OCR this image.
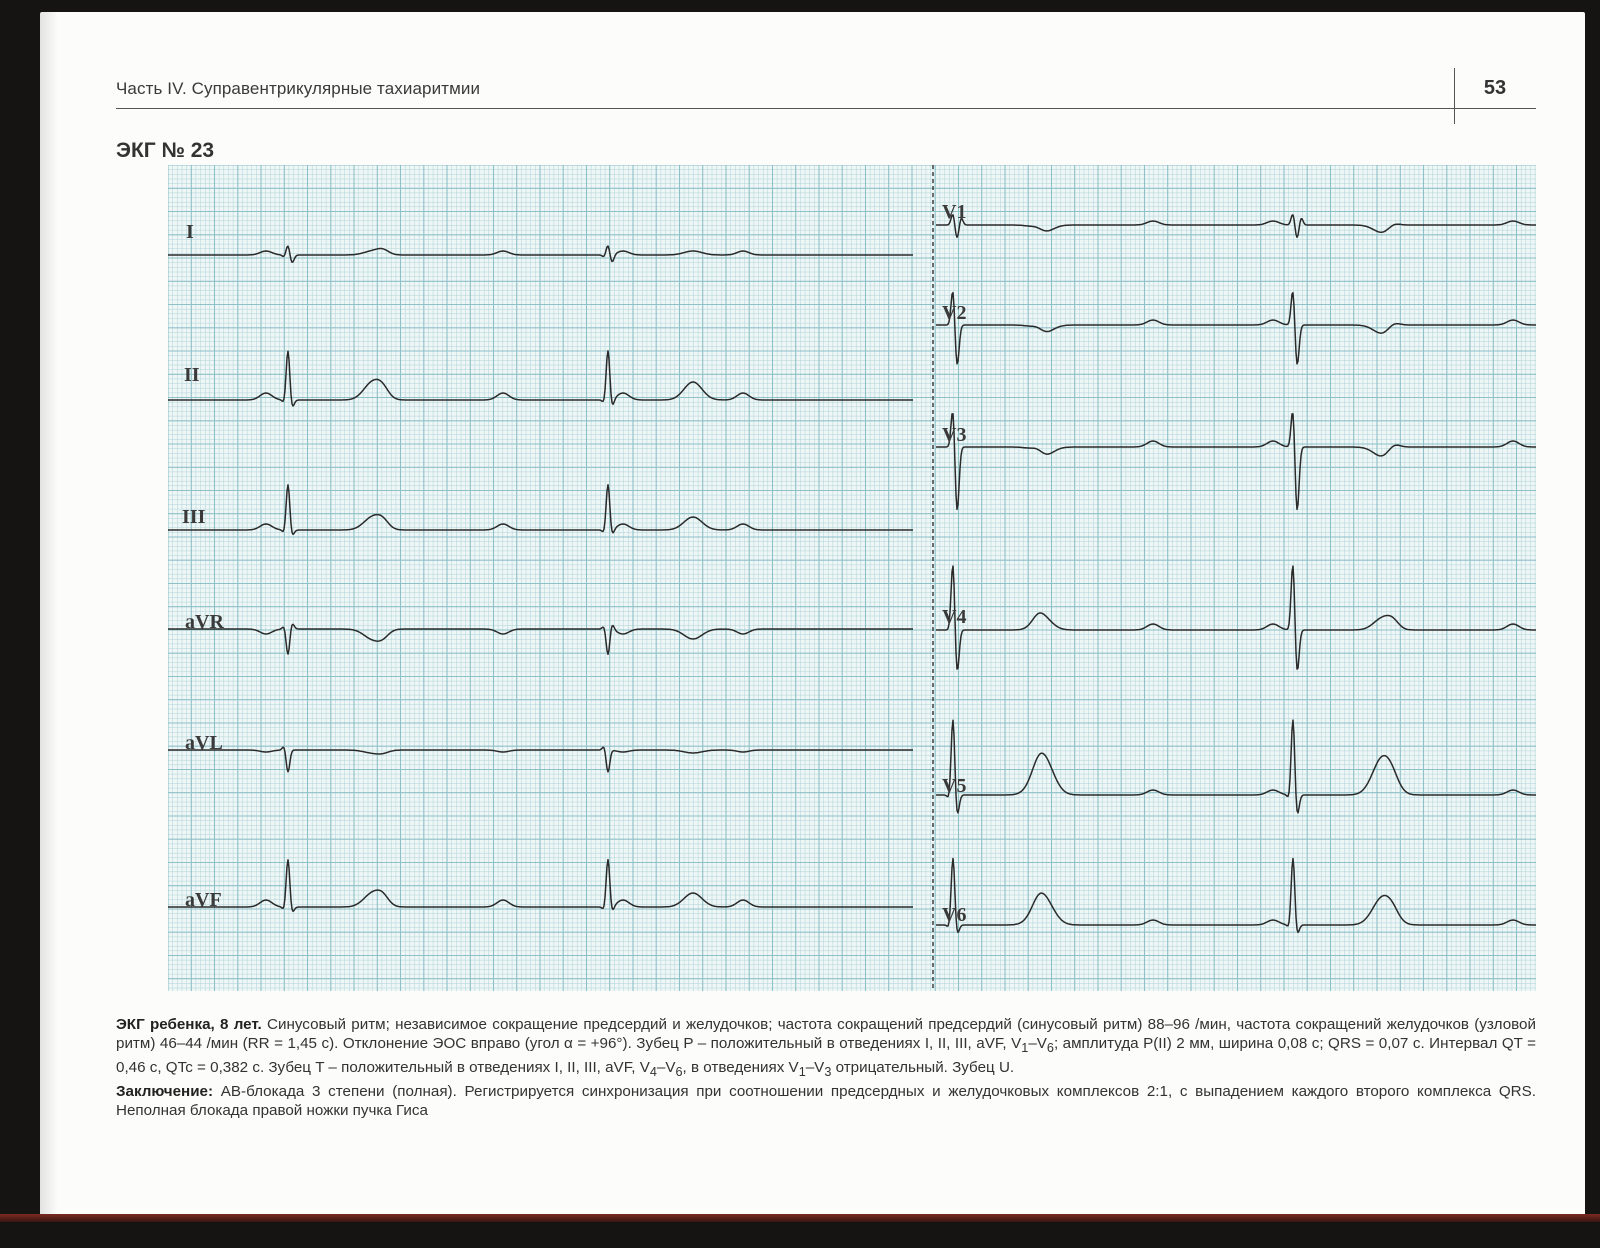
Часть IV. Суправентрикулярные тахиаритмии	53
ЭКГ № 23
I
II
III
aVR
aVL
aVF
V1
V2
V3
V4
V5
V6

ЭКГ ребенка, 8 лет. Синусовый ритм; независимое сокращение предсердий и желудочков; частота сокращений предсердий (синусовый ритм) 88–96 /мин, частота сокращений желудочков (узловой ритм) 46–44 /мин (RR = 1,45 с). Отклонение ЭОС вправо (угол α = +96°). Зубец P – положительный в отведениях I, II, III, aVF, $V_1-V_6$; амплитуда P(II) 2 мм, ширина 0,08 с; QRS = 0,07 с. Интервал QT = 0,46 с, QTc = 0,382 с. Зубец T – положительный в отведениях I, II, III, aVF, $V_4-V_6$, в отведениях $V_1-V_3$ отрицательный. Зубец U.

Заключение: АВ-блокада 3 степени (полная). Регистрируется синхронизация при соотношении предсердных и желудочковых комплексов 2:1, с выпадением каждого второго комплекса QRS. Неполная блокада правой ножки пучка Гиса
